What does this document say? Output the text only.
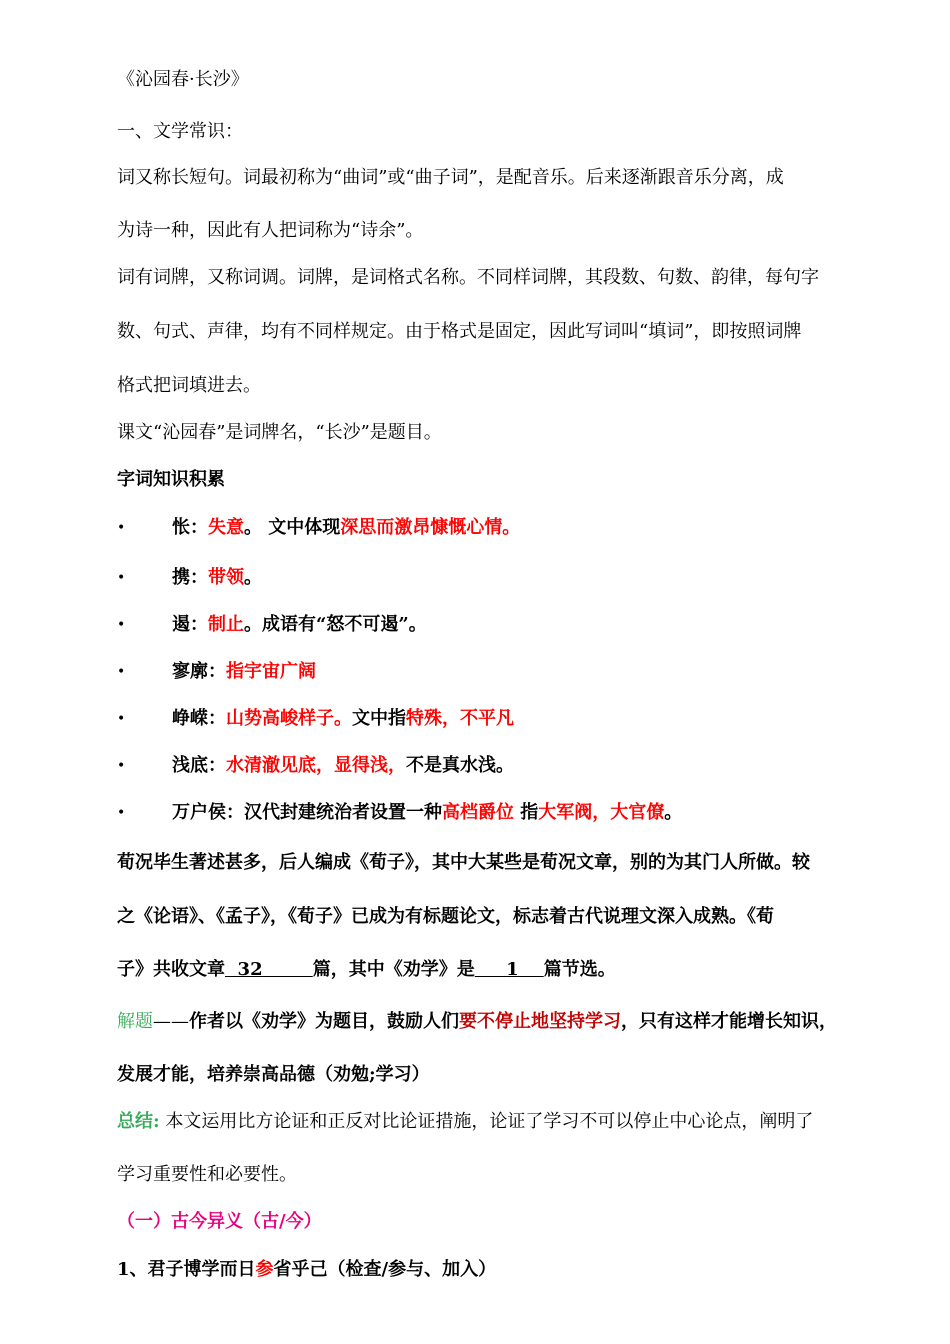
《沁园春·长沙》
一、文学常识：
词又称长短句。词最初称为“曲词”或“曲子词”，是配音乐。后来逐渐跟音乐分离，成
为诗一种，因此有人把词称为“诗余”。
词有词牌，又称词调。词牌，是词格式名称。不同样词牌，其段数、句数、韵律，每句字
数、句式、声律，均有不同样规定。由于格式是固定，因此写词叫“填词”，即按照词牌
格式把词填进去。
课文“沁园春”是词牌名，“长沙”是题目。
字词知识积累
•	怅：失意。 文中体现深思而激昂慷慨心情。
•	携：带领。
•	遏：制止。成语有“怒不可遏”。
•	寥廓：指宇宙广阔
•	峥嵘：山势高峻样子。文中指特殊，不平凡
•	浅底：水清澈见底，显得浅，不是真水浅。
•	万户侯：汉代封建统治者设置一种高档爵位 指大军阀，大官僚。
荀况毕生著述甚多，后人编成《荀子》，其中大某些是荀况文章，别的为其门人所做。较
之《论语》、《孟子》，《荀子》已成为有标题论文，标志着古代说理文深入成熟。《荀
子》共收文章 32	篇，其中《劝学》是 1 篇节选。
解题——作者以《劝学》为题目，鼓励人们要不停止地坚持学习，只有这样才能增长知识，
发展才能，培养崇高品德（劝勉;学习）
总结: 本文运用比方论证和正反对比论证措施，论证了学习不可以停止中心论点，阐明了
学习重要性和必要性。
（一）古今异义（古/今）
1、君子博学而日参省乎己（检查/参与、加入）
